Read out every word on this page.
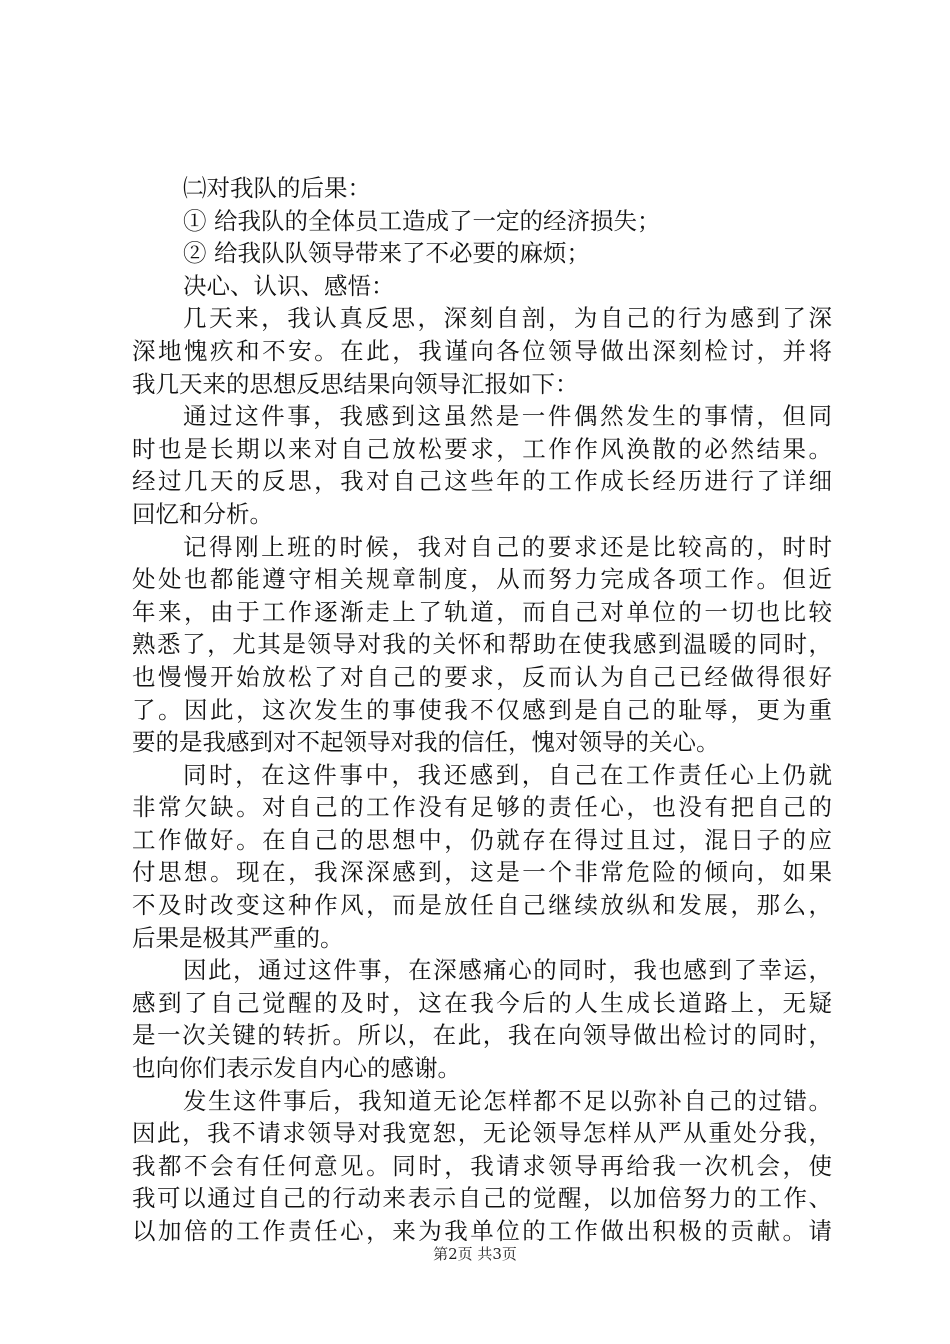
㈡对我队的后果：
① 给我队的全体员工造成了一定的经济损失；
② 给我队队领导带来了不必要的麻烦；
决心、认识、感悟：
几天来，我认真反思，深刻自剖，为自己的行为感到了深
深地愧疚和不安。在此，我谨向各位领导做出深刻检讨，并将
我几天来的思想反思结果向领导汇报如下：
通过这件事，我感到这虽然是一件偶然发生的事情，但同
时也是长期以来对自己放松要求，工作作风涣散的必然结果。
经过几天的反思，我对自己这些年的工作成长经历进行了详细
回忆和分析。
记得刚上班的时候，我对自己的要求还是比较高的，时时
处处也都能遵守相关规章制度，从而努力完成各项工作。但近
年来，由于工作逐渐走上了轨道，而自己对单位的一切也比较
熟悉了，尤其是领导对我的关怀和帮助在使我感到温暖的同时，
也慢慢开始放松了对自己的要求，反而认为自己已经做得很好
了。因此，这次发生的事使我不仅感到是自己的耻辱，更为重
要的是我感到对不起领导对我的信任，愧对领导的关心。
同时，在这件事中，我还感到，自己在工作责任心上仍就
非常欠缺。对自己的工作没有足够的责任心，也没有把自己的
工作做好。在自己的思想中，仍就存在得过且过，混日子的应
付思想。现在，我深深感到，这是一个非常危险的倾向，如果
不及时改变这种作风，而是放任自己继续放纵和发展，那么，
后果是极其严重的。
因此，通过这件事，在深感痛心的同时，我也感到了幸运，
感到了自己觉醒的及时，这在我今后的人生成长道路上，无疑
是一次关键的转折。所以，在此，我在向领导做出检讨的同时，
也向你们表示发自内心的感谢。
发生这件事后，我知道无论怎样都不足以弥补自己的过错。
因此，我不请求领导对我宽恕，无论领导怎样从严从重处分我，
我都不会有任何意见。同时，我请求领导再给我一次机会，使
我可以通过自己的行动来表示自己的觉醒，以加倍努力的工作、
以加倍的工作责任心，来为我单位的工作做出积极的贡献。请
第2页 共3页
